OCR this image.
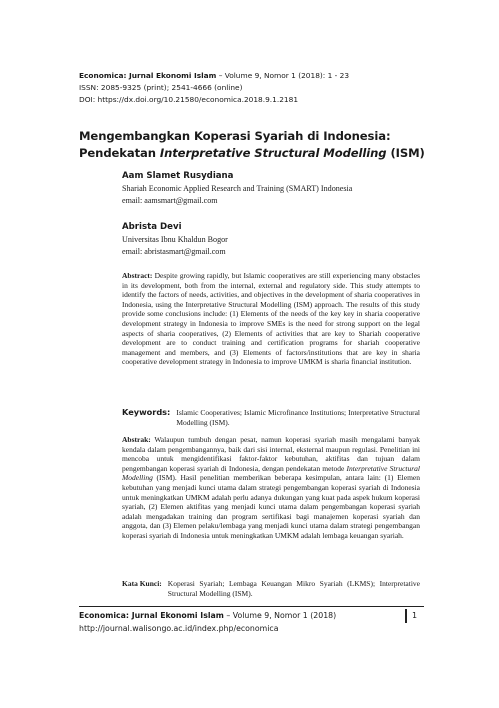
Economica: Jurnal Ekonomi Islam – Volume 9, Nomor 1 (2018): 1 - 23
ISSN: 2085-9325 (print); 2541-4666 (online)
DOI: https://dx.doi.org/10.21580/economica.2018.9.1.2181
Mengembangkan Koperasi Syariah di Indonesia:
Pendekatan Interpretative Structural Modelling (ISM)
Aam Slamet Rusydiana
Shariah Economic Applied Research and Training (SMART) Indonesia
email: aamsmart@gmail.com
Abrista Devi
Universitas Ibnu Khaldun Bogor
email: abristasmart@gmail.com
Abstract: Despite growing rapidly, but Islamic cooperatives are still experiencing many obstacles in its development, both from the internal, external and regulatory side. This study attempts to identify the factors of needs, activities, and objectives in the development of sharia cooperatives in Indonesia, using the Interpretative Structural Modelling (ISM) approach. The results of this study provide some conclusions include: (1) Elements of the needs of the key key in sharia cooperative development strategy in Indonesia to improve SMEs is the need for strong support on the legal aspects of sharia cooperatives, (2) Elements of activities that are key to Shariah cooperative development are to conduct training and certification programs for shariah cooperative management and members, and (3) Elements of factors/institutions that are key in sharia cooperative development strategy in Indonesia to improve UMKM is sharia financial institution.
Keywords: Islamic Cooperatives; Islamic Microfinance Institutions; Interpretative Structural Modelling (ISM).
Abstrak: Walaupun tumbuh dengan pesat, namun koperasi syariah masih mengalami banyak kendala dalam pengembangannya, baik dari sisi internal, eksternal maupun regulasi. Penelitian ini mencoba untuk mengidentifikasi faktor-faktor kebutuhan, aktifitas dan tujuan dalam pengembangan koperasi syariah di Indonesia, dengan pendekatan metode Interpretative Structural Modelling (ISM). Hasil penelitian memberikan beberapa kesimpulan, antara lain: (1) Elemen kebutuhan yang menjadi kunci utama dalam strategi pengembangan koperasi syariah di Indonesia untuk meningkatkan UMKM adalah perlu adanya dukungan yang kuat pada aspek hukum koperasi syariah, (2) Elemen aktifitas yang menjadi kunci utama dalam pengembangan koperasi syariah adalah mengadakan training dan program sertifikasi bagi manajemen koperasi syariah dan anggota, dan (3) Elemen pelaku/lembaga yang menjadi kunci utama dalam strategi pengembangan koperasi syariah di Indonesia untuk meningkatkan UMKM adalah lembaga keuangan syariah.
Kata Kunci: Koperasi Syariah; Lembaga Keuangan Mikro Syariah (LKMS); Interpretative Structural Modelling (ISM).
Economica: Jurnal Ekonomi Islam – Volume 9, Nomor 1 (2018)
http://journal.walisongo.ac.id/index.php/economica
1
